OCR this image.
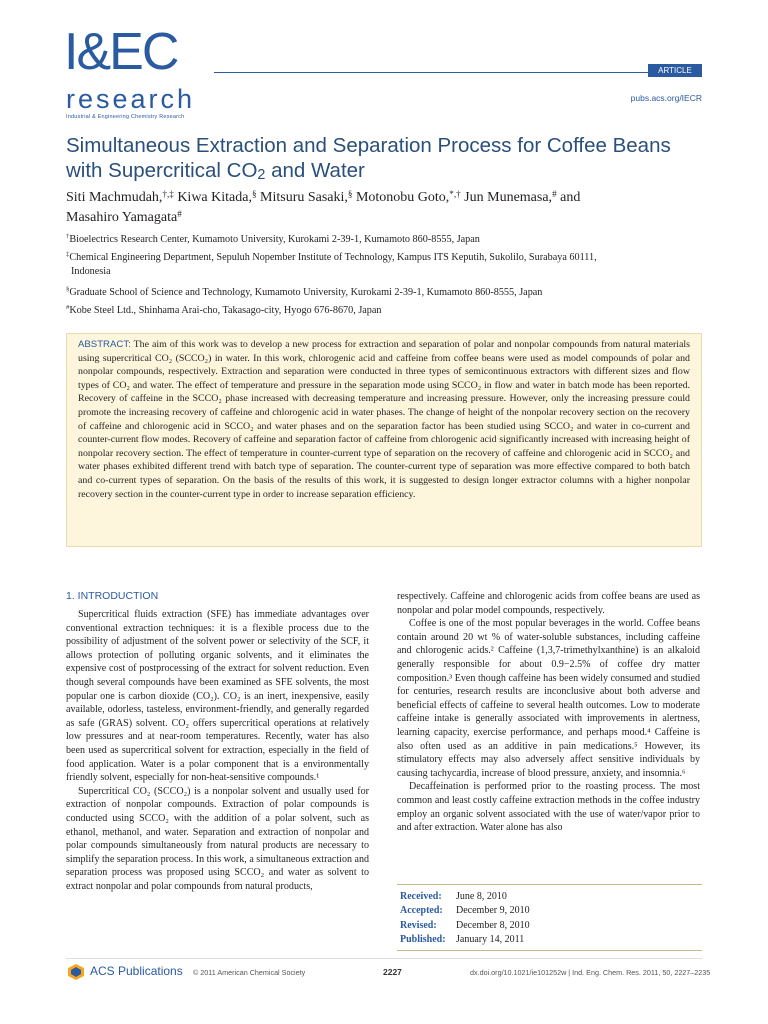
I&EC
research
Industrial & Engineering Chemistry Research
ARTICLE
pubs.acs.org/IECR
Simultaneous Extraction and Separation Process for Coffee Beans
with Supercritical $CO_2$ and Water
Siti Machmudah,†,‡ Kiwa Kitada,§ Mitsuru Sasaki,§ Motonobu Goto,*,† Jun Munemasa,# and
Masahiro Yamagata#
†Bioelectrics Research Center, Kumamoto University, Kurokami 2-39-1, Kumamoto 860-8555, Japan
‡Chemical Engineering Department, Sepuluh Nopember Institute of Technology, Kampus ITS Keputih, Sukolilo, Surabaya 60111,
Indonesia
§Graduate School of Science and Technology, Kumamoto University, Kurokami 2-39-1, Kumamoto 860-8555, Japan
#Kobe Steel Ltd., Shinhama Arai-cho, Takasago-city, Hyogo 676-8670, Japan
ABSTRACT: The aim of this work was to develop a new process for extraction and separation of polar and nonpolar compounds from natural materials using supercritical CO₂ (SCCO₂) in water. In this work, chlorogenic acid and caffeine from coffee beans were used as model compounds of polar and nonpolar compounds, respectively. Extraction and separation were conducted in three types of semicontinuous extractors with different sizes and flow types of CO₂ and water. The effect of temperature and pressure in the separation mode using SCCO₂ in flow and water in batch mode has been reported. Recovery of caffeine in the SCCO₂ phase increased with decreasing temperature and increasing pressure. However, only the increasing pressure could promote the increasing recovery of caffeine and chlorogenic acid in water phases. The change of height of the nonpolar recovery section on the recovery of caffeine and chlorogenic acid in SCCO₂ and water phases and on the separation factor has been studied using SCCO₂ and water in co-current and counter-current flow modes. Recovery of caffeine and separation factor of caffeine from chlorogenic acid significantly increased with increasing height of nonpolar recovery section. The effect of temperature in counter-current type of separation on the recovery of caffeine and chlorogenic acid in SCCO₂ and water phases exhibited different trend with batch type of separation. The counter-current type of separation was more effective compared to both batch and co-current types of separation. On the basis of the results of this work, it is suggested to design longer extractor columns with a higher nonpolar recovery section in the counter-current type in order to increase separation efficiency.
1. INTRODUCTION

Supercritical fluids extraction (SFE) has immediate advantages over conventional extraction techniques: it is a flexible process due to the possibility of adjustment of the solvent power or selectivity of the SCF, it allows protection of polluting organic solvents, and it eliminates the expensive cost of postprocessing of the extract for solvent reduction. Even though several compounds have been examined as SFE solvents, the most popular one is carbon dioxide (CO₂). CO₂ is an inert, inexpensive, easily available, odorless, tasteless, environment-friendly, and generally regarded as safe (GRAS) solvent. CO₂ offers supercritical operations at relatively low pressures and at near-room temperatures. Recently, water has also been used as supercritical solvent for extraction, especially in the field of food application. Water is a polar component that is a environmentally friendly solvent, especially for non-heat-sensitive compounds.¹

Supercritical CO₂ (SCCO₂) is a nonpolar solvent and usually used for extraction of nonpolar compounds. Extraction of polar compounds is conducted using SCCO₂ with the addition of a polar solvent, such as ethanol, methanol, and water. Separation and extraction of nonpolar and polar compounds simultaneously from natural products are necessary to simplify the separation process. In this work, a simultaneous extraction and separation process was proposed using SCCO₂ and water as solvent to extract nonpolar and polar compounds from natural products,

respectively. Caffeine and chlorogenic acids from coffee beans are used as nonpolar and polar model compounds, respectively.

Coffee is one of the most popular beverages in the world. Coffee beans contain around 20 wt % of water-soluble substances, including caffeine and chlorogenic acids.² Caffeine (1,3,7-trimethylxanthine) is an alkaloid generally responsible for about 0.9−2.5% of coffee dry matter composition.³ Even though caffeine has been widely consumed and studied for centuries, research results are inconclusive about both adverse and beneficial effects of caffeine to several health outcomes. Low to moderate caffeine intake is generally associated with improvements in alertness, learning capacity, exercise performance, and perhaps mood.⁴ Caffeine is also often used as an additive in pain medications.⁵ However, its stimulatory effects may also adversely affect sensitive individuals by causing tachycardia, increase of blood pressure, anxiety, and insomnia.⁶

Decaffeination is performed prior to the roasting process. The most common and least costly caffeine extraction methods in the coffee industry employ an organic solvent associated with the use of water/vapor prior to and after extraction. Water alone has also

Received: June 8, 2010
Accepted: December 9, 2010
Revised: December 8, 2010
Published: January 14, 2011
ACS Publications © 2011 American Chemical Society	2227	dx.doi.org/10.1021/ie101252w | Ind. Eng. Chem. Res. 2011, 50, 2227–2235
